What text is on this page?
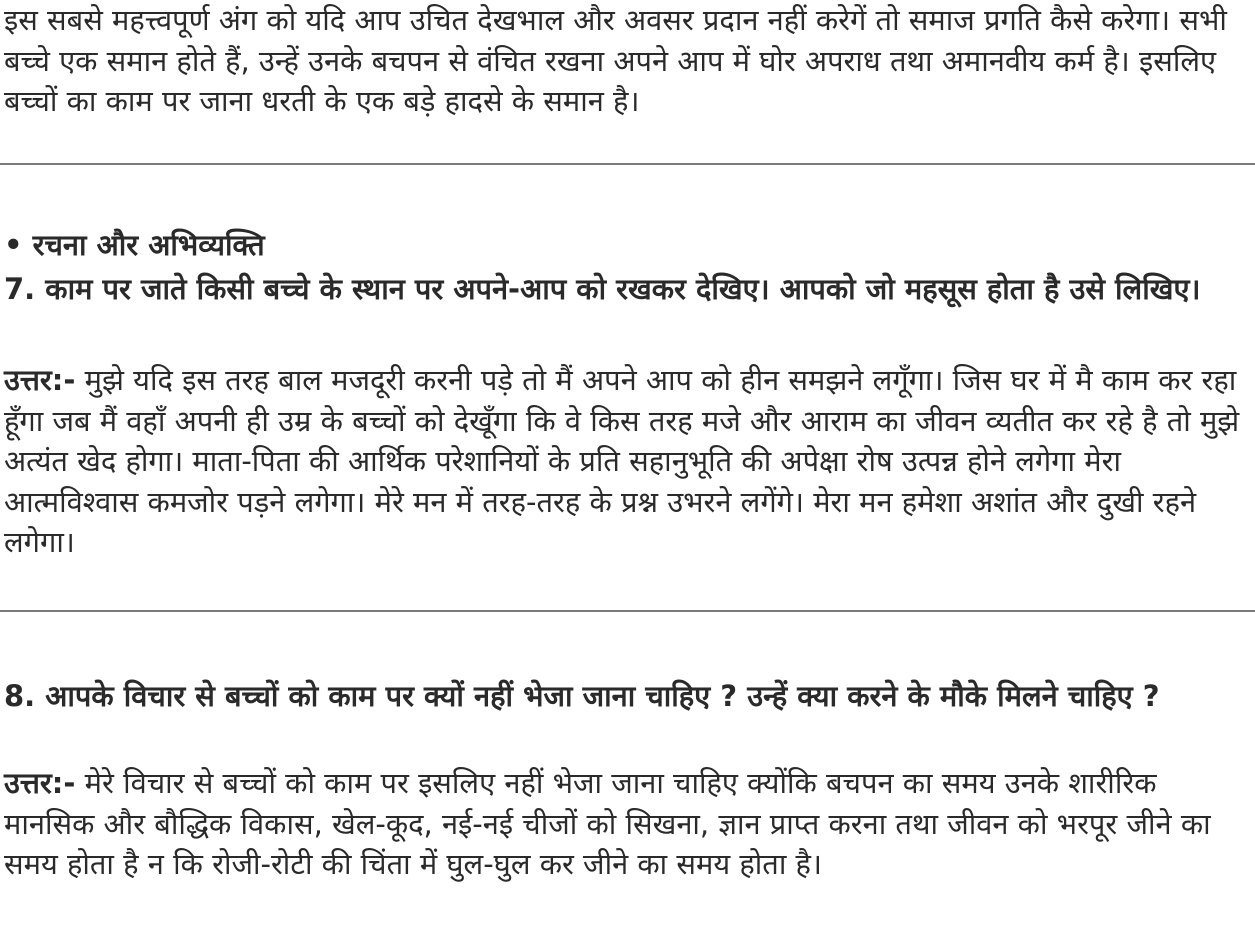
इस सबसे महत्त्वपूर्ण अंग को यदि आप उचित देखभाल और अवसर प्रदान नहीं करेगें तो समाज प्रगति कैसे करेगा। सभी बच्चे एक समान होते हैं, उन्हें उनके बचपन से वंचित रखना अपने आप में घोर अपराध तथा अमानवीय कर्म है। इसलिए बच्चों का काम पर जाना धरती के एक बड़े हादसे के समान है।

• रचना और अभिव्यक्ति

7. काम पर जाते किसी बच्चे के स्थान पर अपने-आप को रखकर देखिए। आपको जो महसूस होता है उसे लिखिए।

उत्तर:- मुझे यदि इस तरह बाल मजदूरी करनी पड़े तो मैं अपने आप को हीन समझने लगूँगा। जिस घर में मै काम कर रहा हूँगा जब मैं वहाँ अपनी ही उम्र के बच्चों को देखूँगा कि वे किस तरह मजे और आराम का जीवन व्यतीत कर रहे है तो मुझे अत्यंत खेद होगा। माता-पिता की आर्थिक परेशानियों के प्रति सहानुभूति की अपेक्षा रोष उत्पन्न होने लगेगा मेरा आत्मविश्वास कमजोर पड़ने लगेगा। मेरे मन में तरह-तरह के प्रश्न उभरने लगेंगे। मेरा मन हमेशा अशांत और दुखी रहने लगेगा।

8. आपके विचार से बच्चों को काम पर क्यों नहीं भेजा जाना चाहिए ? उन्हें क्या करने के मौके मिलने चाहिए ?

उत्तर:- मेरे विचार से बच्चों को काम पर इसलिए नहीं भेजा जाना चाहिए क्योंकि बचपन का समय उनके शारीरिक मानसिक और बौद्धिक विकास, खेल-कूद, नई-नई चीजों को सिखना, ज्ञान प्राप्त करना तथा जीवन को भरपूर जीने का समय होता है न कि रोजी-रोटी की चिंता में घुल-घुल कर जीने का समय होता है।
